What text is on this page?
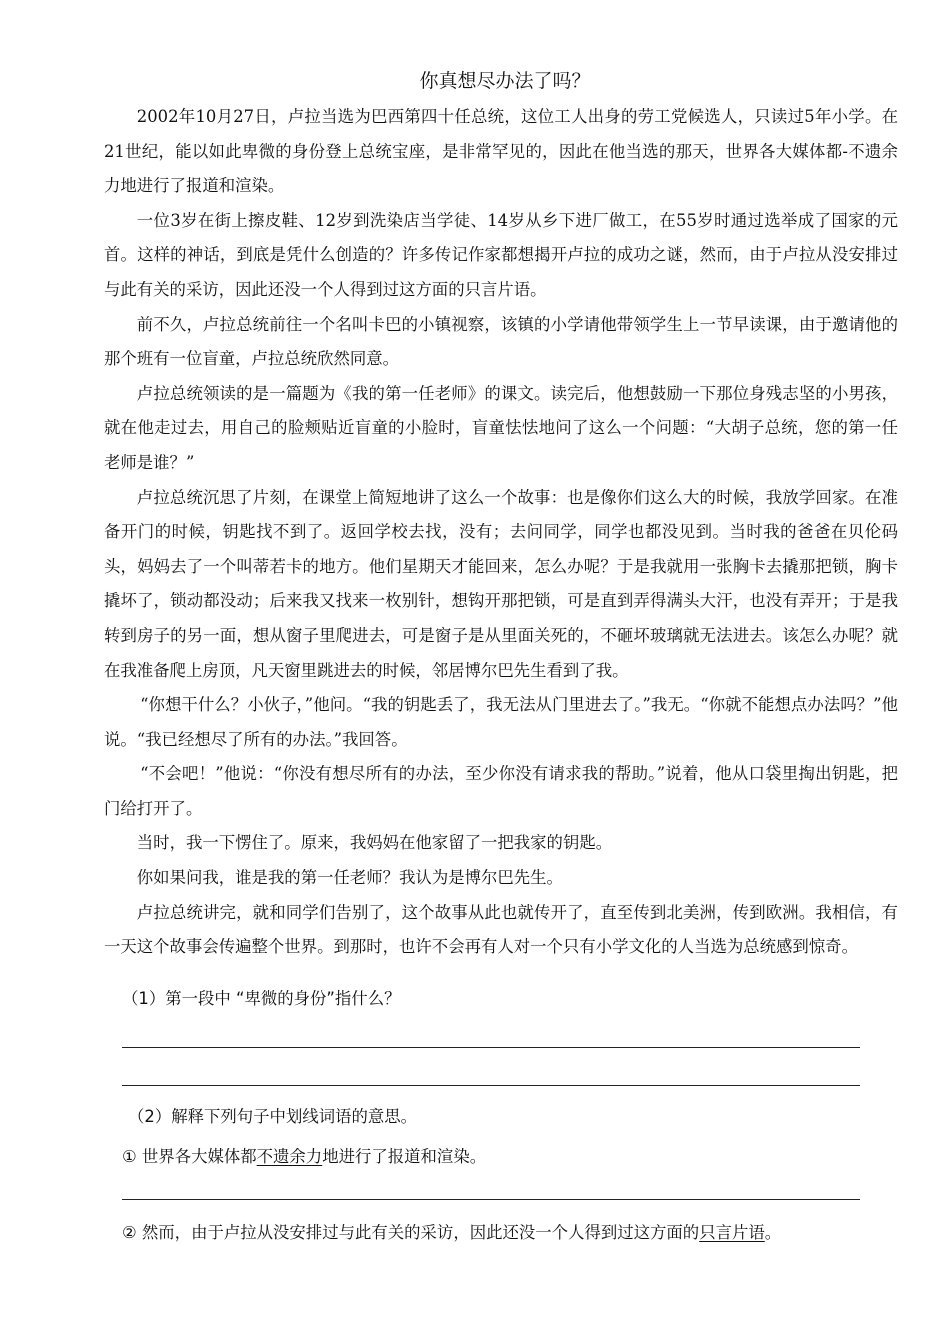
你真想尽办法了吗？

2002年10月27日，卢拉当选为巴西第四十任总统，这位工人出身的劳工党候选人，只读过5年小学。在21世纪，能以如此卑微的身份登上总统宝座，是非常罕见的，因此在他当选的那天，世界各大媒体都-不遗余力地进行了报道和渲染。

一位3岁在街上擦皮鞋、12岁到洗染店当学徒、14岁从乡下进厂做工，在55岁时通过选举成了国家的元首。这样的神话，到底是凭什么创造的？许多传记作家都想揭开卢拉的成功之谜，然而，由于卢拉从没安排过与此有关的采访，因此还没一个人得到过这方面的只言片语。

前不久，卢拉总统前往一个名叫卡巴的小镇视察，该镇的小学请他带领学生上一节早读课，由于邀请他的那个班有一位盲童，卢拉总统欣然同意。

卢拉总统领读的是一篇题为《我的第一任老师》的课文。读完后，他想鼓励一下那位身残志坚的小男孩，就在他走过去，用自己的脸颊贴近盲童的小脸时，盲童怯怯地问了这么一个问题：“大胡子总统，您的第一任老师是谁？”

卢拉总统沉思了片刻，在课堂上简短地讲了这么一个故事：也是像你们这么大的时候，我放学回家。在准备开门的时候，钥匙找不到了。返回学校去找，没有；去问同学，同学也都没见到。当时我的爸爸在贝伦码头，妈妈去了一个叫蒂若卡的地方。他们星期天才能回来，怎么办呢？于是我就用一张胸卡去撬那把锁，胸卡撬坏了，锁动都没动；后来我又找来一枚别针，想钩开那把锁，可是直到弄得满头大汗，也没有弄开；于是我转到房子的另一面，想从窗子里爬进去，可是窗子是从里面关死的，不砸坏玻璃就无法进去。该怎么办呢？就在我准备爬上房顶，凡天窗里跳进去的时候，邻居博尔巴先生看到了我。

“你想干什么？小伙子，”他问。“我的钥匙丢了，我无法从门里进去了。”我无。“你就不能想点办法吗？”他说。“我已经想尽了所有的办法。”我回答。

“不会吧！”他说：“你没有想尽所有的办法，至少你没有请求我的帮助。”说着，他从口袋里掏出钥匙，把门给打开了。

当时，我一下愣住了。原来，我妈妈在他家留了一把我家的钥匙。

你如果问我，谁是我的第一任老师？我认为是博尔巴先生。

卢拉总统讲完，就和同学们告别了，这个故事从此也就传开了，直至传到北美洲，传到欧洲。我相信，有一天这个故事会传遍整个世界。到那时，也许不会再有人对一个只有小学文化的人当选为总统感到惊奇。

（1）第一段中 “卑微的身份”指什么？
（2）解释下列句子中划线词语的意思。
① 世界各大媒体都不遗余力地进行了报道和渲染。
② 然而，由于卢拉从没安排过与此有关的采访，因此还没一个人得到过这方面的只言片语。
